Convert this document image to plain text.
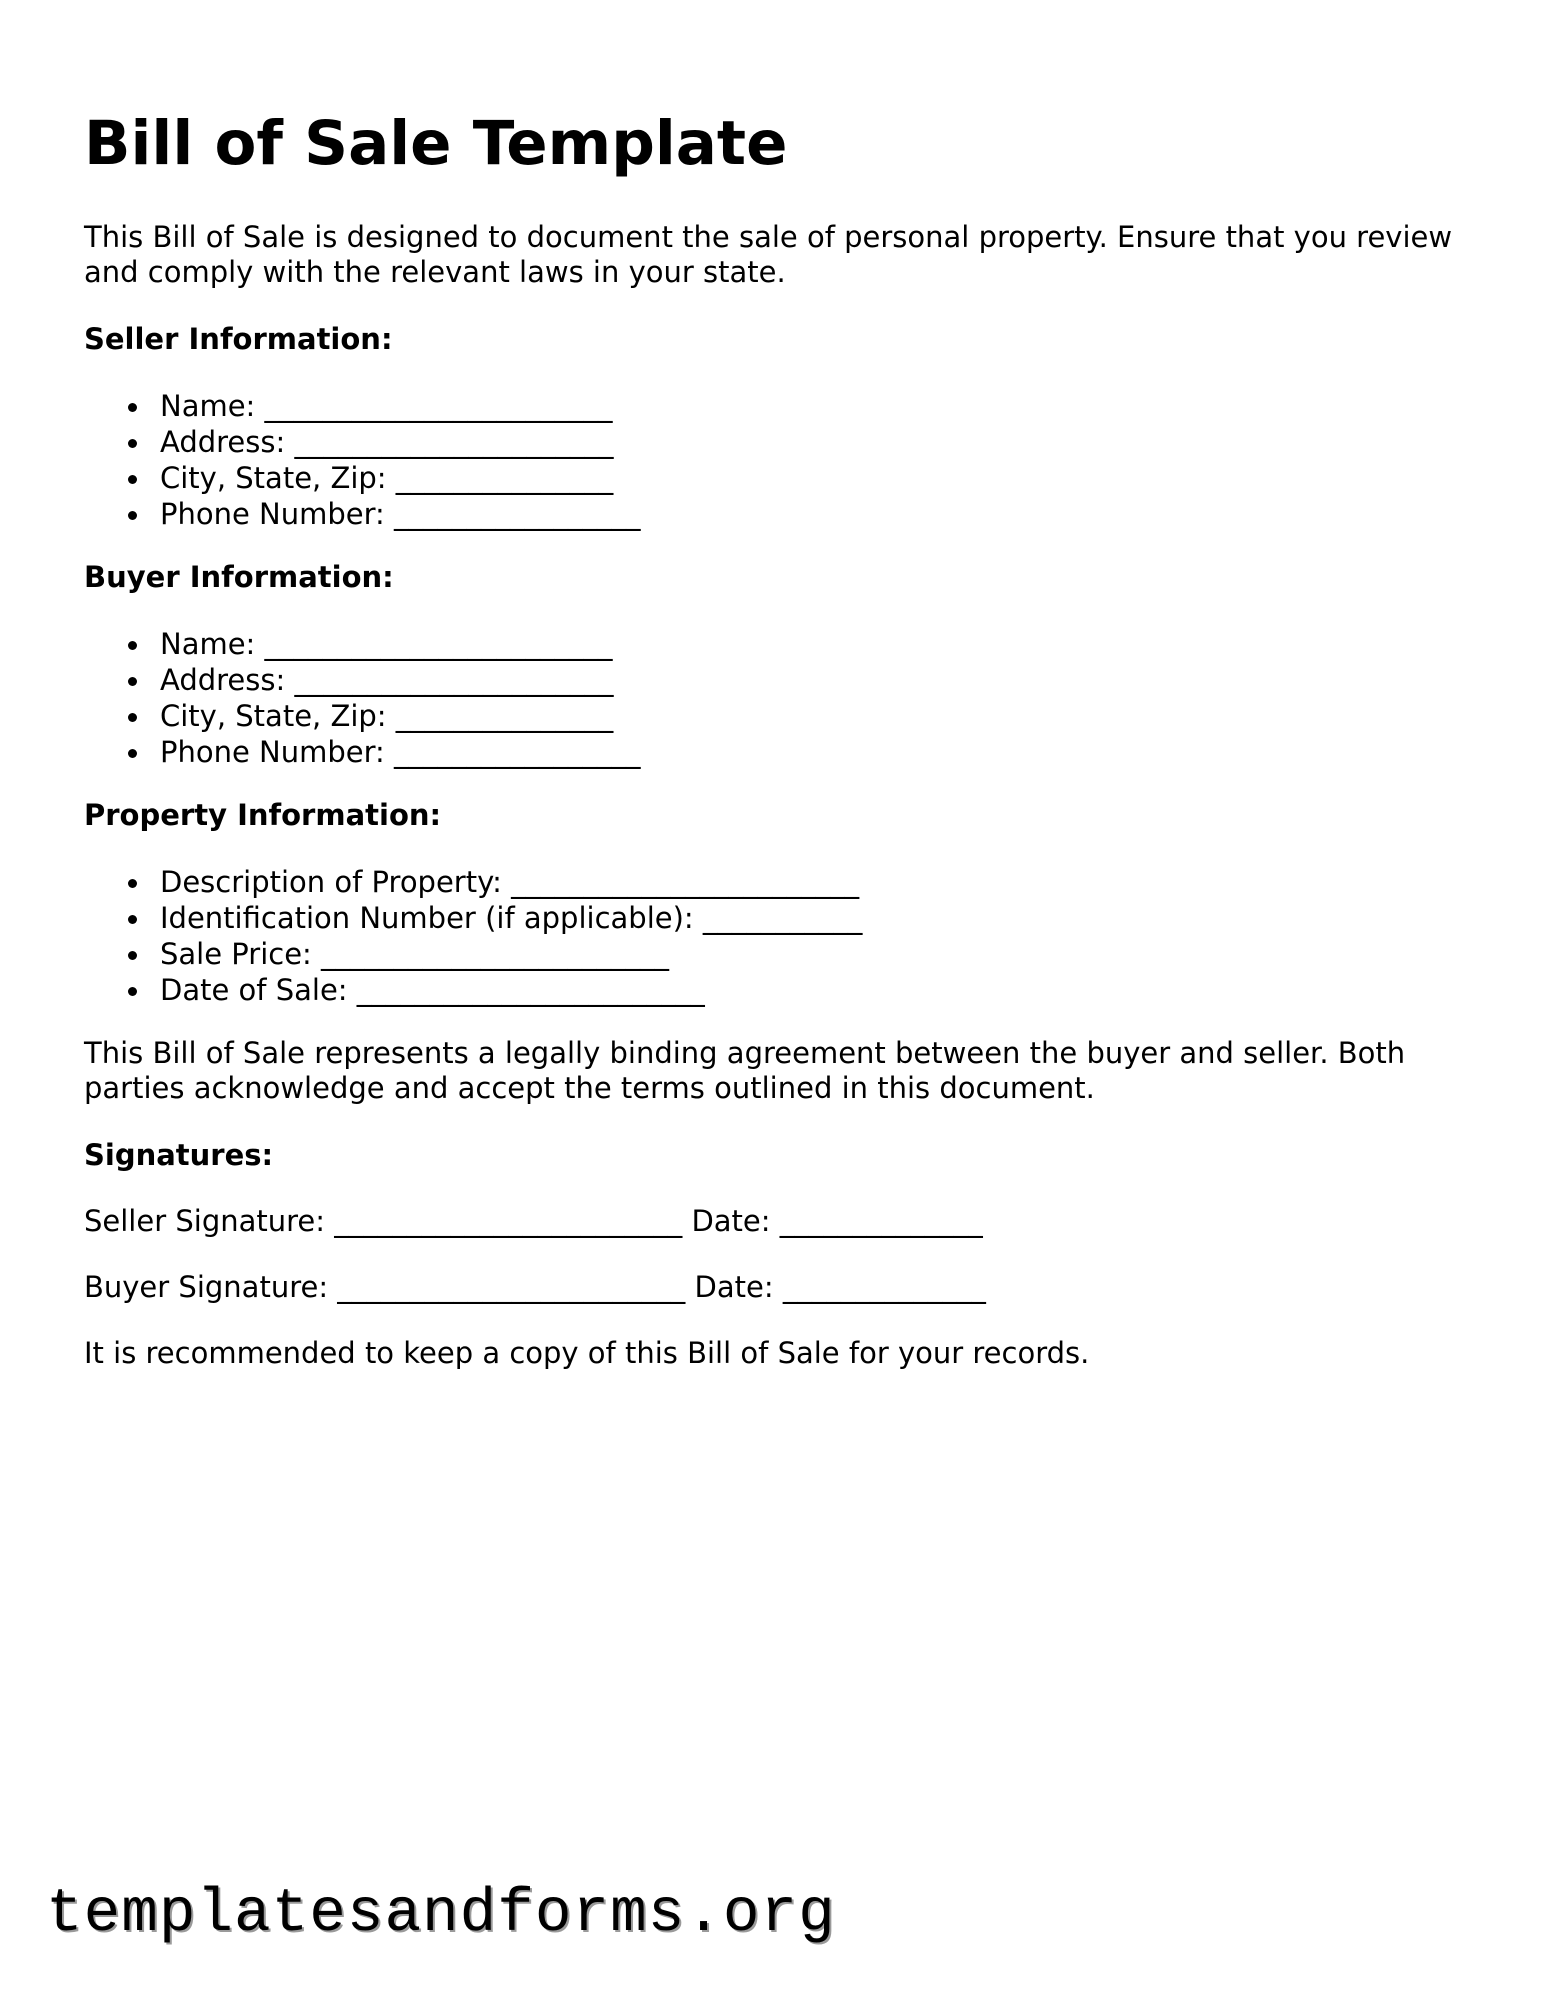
Bill of Sale Template

This Bill of Sale is designed to document the sale of personal property. Ensure that you review and comply with the relevant laws in your state.

Seller Information:

Name: ________________________
Address: ______________________
City, State, Zip: _______________
Phone Number: _________________

Buyer Information:

Name: ________________________
Address: ______________________
City, State, Zip: _______________
Phone Number: _________________

Property Information:

Description of Property: ________________________
Identification Number (if applicable): ___________
Sale Price: ________________________
Date of Sale: ________________________

This Bill of Sale represents a legally binding agreement between the buyer and seller. Both parties acknowledge and accept the terms outlined in this document.

Signatures:

Seller Signature: ________________________ Date: ______________

Buyer Signature: ________________________ Date: ______________

It is recommended to keep a copy of this Bill of Sale for your records.

templatesandforms.org
